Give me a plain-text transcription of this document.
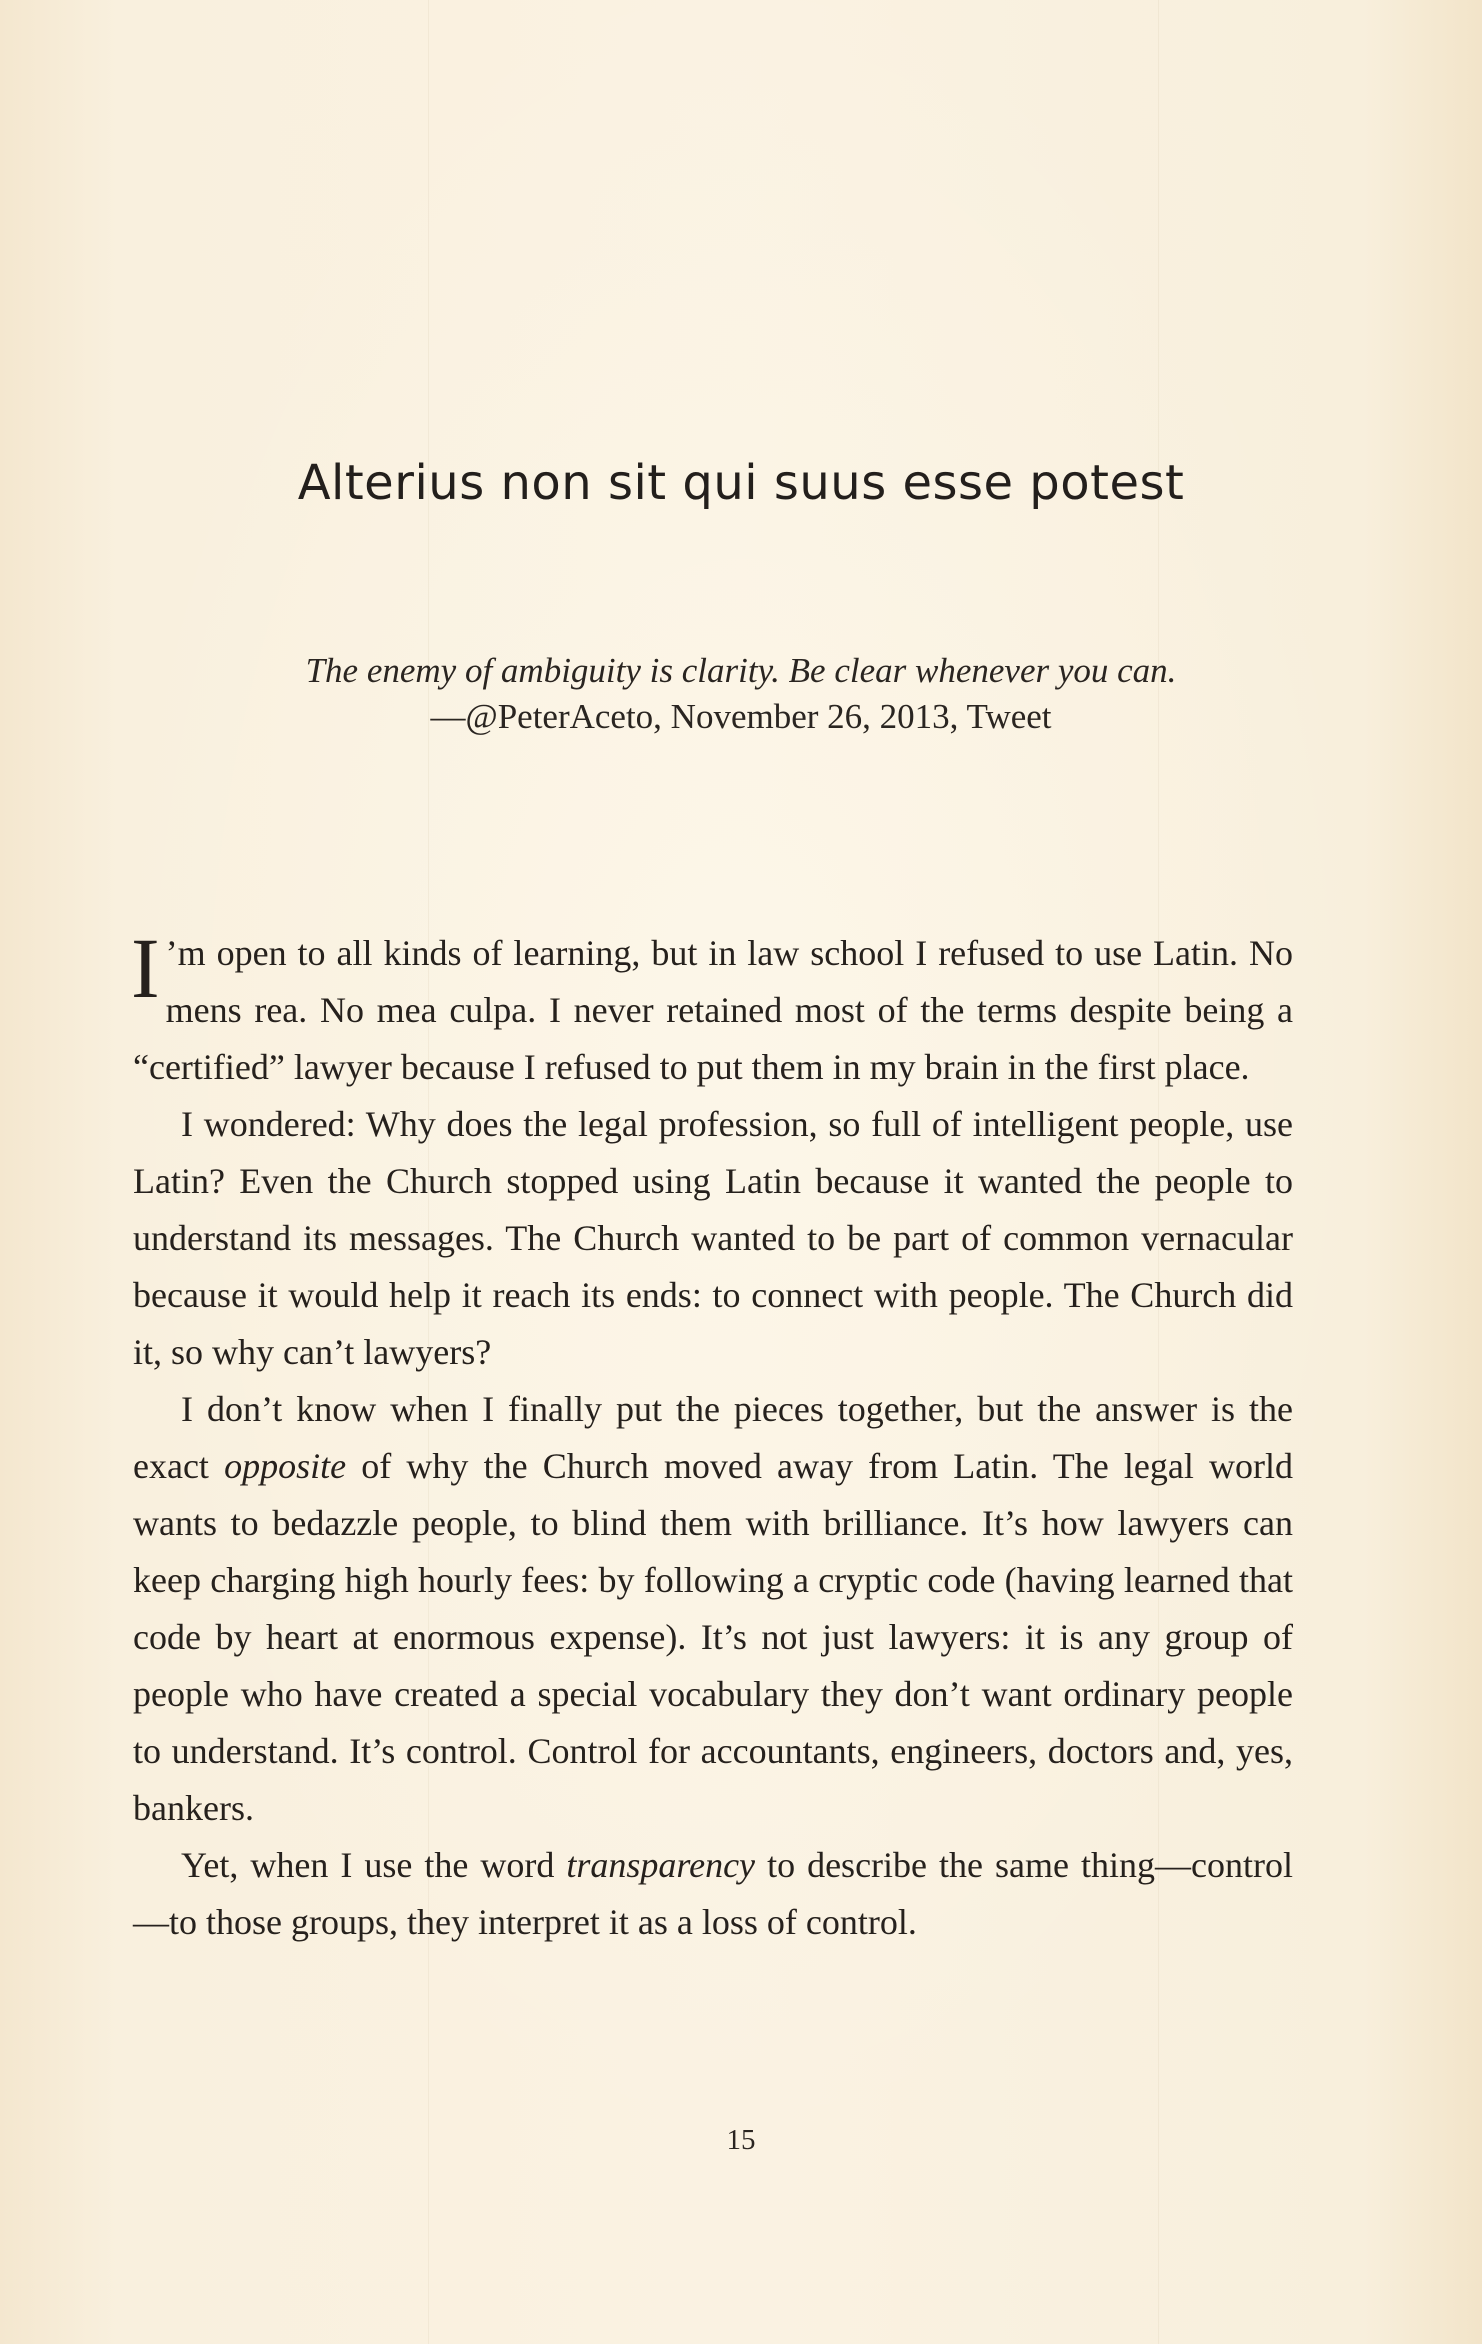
Alterius non sit qui suus esse potest
The enemy of ambiguity is clarity. Be clear whenever you can.
—@PeterAceto, November 26, 2013, Tweet

I ’m open to all kinds of learning, but in law school I refused to use Latin. No mens rea. No mea culpa. I never retained most of the terms despite being a “certified” lawyer because I refused to put them in my brain in the first place.

I wondered: Why does the legal profession, so full of intelligent people, use Latin? Even the Church stopped using Latin because it wanted the people to understand its messages. The Church wanted to be part of common vernacular because it would help it reach its ends: to connect with people. The Church did it, so why can’t lawyers?

I don’t know when I finally put the pieces together, but the answer is the exact opposite of why the Church moved away from Latin. The legal world wants to bedazzle people, to blind them with brilliance. It’s how lawyers can keep charging high hourly fees: by following a cryptic code (having learned that code by heart at enormous expense). It’s not just lawyers: it is any group of people who have created a special vocabulary they don’t want ordinary people to understand. It’s control. Control for accountants, engineers, doctors and, yes, bankers.

Yet, when I use the word transparency to describe the same thing—control—to those groups, they interpret it as a loss of control.

15
